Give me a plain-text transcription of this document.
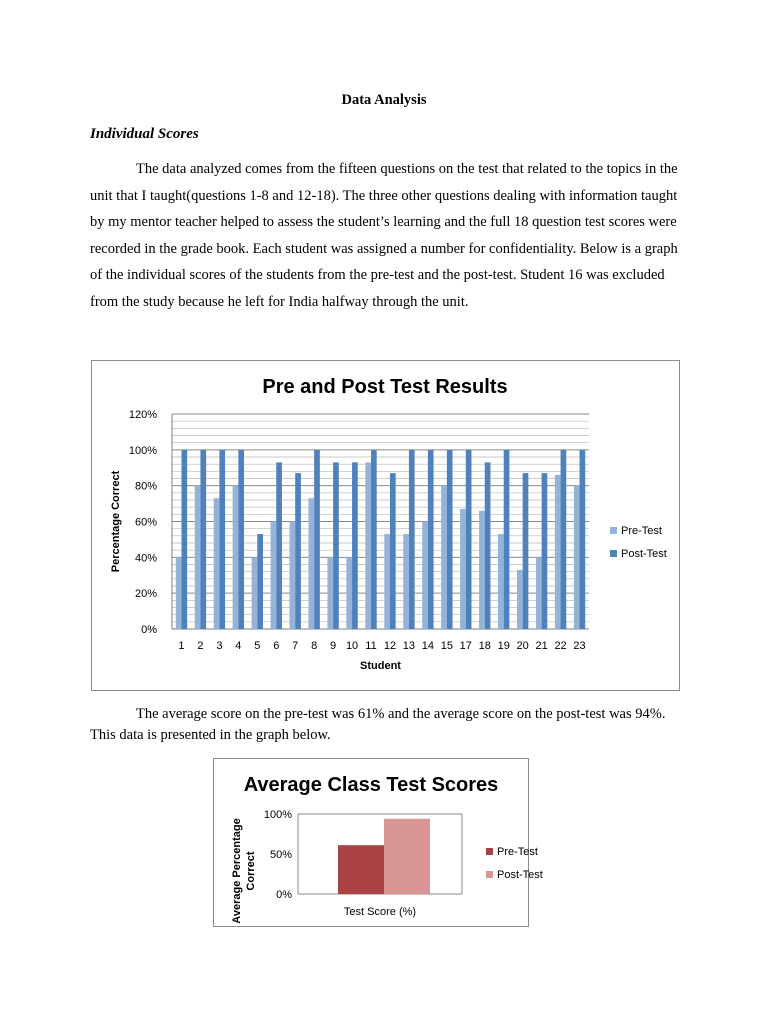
Data Analysis
Individual Scores
The data analyzed comes from the fifteen questions on the test that related to the topics in the unit that I taught(questions 1-8 and 12-18). The three other questions dealing with information taught by my mentor teacher helped to assess the student’s learning and the full 18 question test scores were recorded in the grade book. Each student was assigned a number for confidentiality. Below is a graph of the individual scores of the students from the pre-test and the post-test. Student 16 was excluded from the study because he left for India halfway through the unit.
Pre and Post Test Results
0%
20%
40%
60%
80%
100%
120%
1 2 3 4 5 6 7 8 9 10 11 12 13 14 15 17 18 19 20 21 22 23
Student
Percentage Correct	Pre-Test
Post-Test
The average score on the pre-test was 61% and the average score on the post-test was 94%. This data is presented in the graph below.
Average Class Test Scores
0%
50%
100%
Test Score (%)
Average Percentage Correct	Pre-Test
Post-Test
